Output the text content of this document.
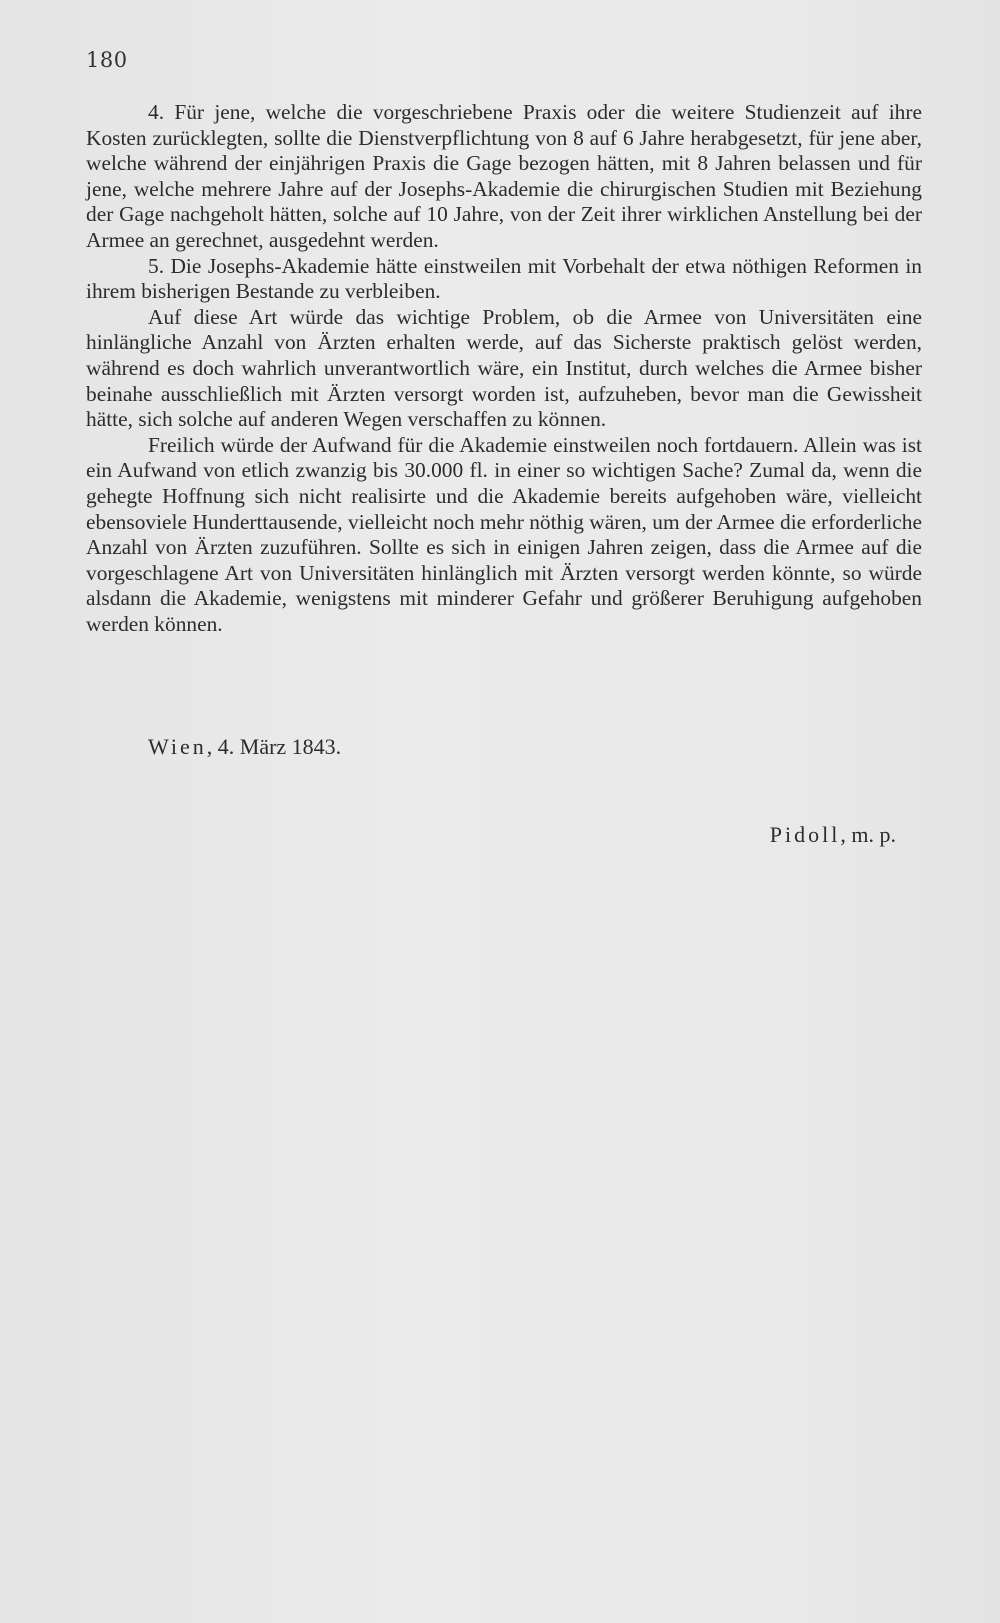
180

4. Für jene, welche die vorgeschriebene Praxis oder die weitere Studienzeit auf ihre Kosten zurücklegten, sollte die Dienstverpflichtung von 8 auf 6 Jahre herabgesetzt, für jene aber, welche während der einjährigen Praxis die Gage bezogen hätten, mit 8 Jahren belassen und für jene, welche mehrere Jahre auf der Josephs-Akademie die chirurgischen Studien mit Beziehung der Gage nachgeholt hätten, solche auf 10 Jahre, von der Zeit ihrer wirklichen Anstellung bei der Armee an gerechnet, ausgedehnt werden.

5. Die Josephs-Akademie hätte einstweilen mit Vorbehalt der etwa nöthigen Reformen in ihrem bisherigen Bestande zu verbleiben.

Auf diese Art würde das wichtige Problem, ob die Armee von Universitäten eine hinlängliche Anzahl von Ärzten erhalten werde, auf das Sicherste praktisch gelöst werden, während es doch wahrlich unverantwortlich wäre, ein Institut, durch welches die Armee bisher beinahe ausschließlich mit Ärzten versorgt worden ist, aufzuheben, bevor man die Gewissheit hätte, sich solche auf anderen Wegen verschaffen zu können.

Freilich würde der Aufwand für die Akademie einstweilen noch fortdauern. Allein was ist ein Aufwand von etlich zwanzig bis 30.000 fl. in einer so wichtigen Sache? Zumal da, wenn die gehegte Hoffnung sich nicht realisirte und die Akademie bereits aufgehoben wäre, vielleicht ebensoviele Hunderttausende, vielleicht noch mehr nöthig wären, um der Armee die erforderliche Anzahl von Ärzten zuzuführen. Sollte es sich in einigen Jahren zeigen, dass die Armee auf die vorgeschlagene Art von Universitäten hinlänglich mit Ärzten versorgt werden könnte, so würde alsdann die Akademie, wenigstens mit minderer Gefahr und größerer Beruhigung aufgehoben werden können.

Wien, 4. März 1843.
Pidoll, m. p.
